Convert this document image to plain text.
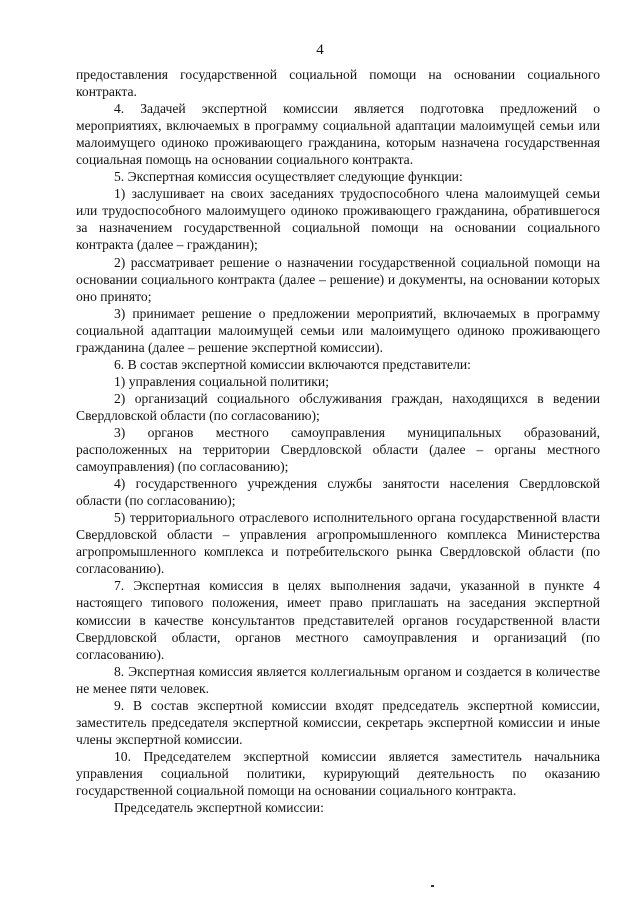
4

предоставления государственной социальной помощи на основании социального контракта.

4. Задачей экспертной комиссии является подготовка предложений о мероприятиях, включаемых в программу социальной адаптации малоимущей семьи или малоимущего одиноко проживающего гражданина, которым назначена государственная социальная помощь на основании социального контракта.

5. Экспертная комиссия осуществляет следующие функции:

1) заслушивает на своих заседаниях трудоспособного члена малоимущей семьи или трудоспособного малоимущего одиноко проживающего гражданина, обратившегося за назначением государственной социальной помощи на основании социального контракта (далее – гражданин);

2) рассматривает решение о назначении государственной социальной помощи на основании социального контракта (далее – решение) и документы, на основании которых оно принято;

3) принимает решение о предложении мероприятий, включаемых в программу социальной адаптации малоимущей семьи или малоимущего одиноко проживающего гражданина (далее – решение экспертной комиссии).

6. В состав экспертной комиссии включаются представители:

1) управления социальной политики;

2) организаций социального обслуживания граждан, находящихся в ведении Свердловской области (по согласованию);

3) органов местного самоуправления муниципальных образований, расположенных на территории Свердловской области (далее – органы местного самоуправления) (по согласованию);

4) государственного учреждения службы занятости населения Свердловской области (по согласованию);

5) территориального отраслевого исполнительного органа государственной власти Свердловской области – управления агропромышленного комплекса Министерства агропромышленного комплекса и потребительского рынка Свердловской области (по согласованию).

7. Экспертная комиссия в целях выполнения задачи, указанной в пункте 4 настоящего типового положения, имеет право приглашать на заседания экспертной комиссии в качестве консультантов представителей органов государственной власти Свердловской области, органов местного самоуправления и организаций (по согласованию).

8. Экспертная комиссия является коллегиальным органом и создается в количестве не менее пяти человек.

9. В состав экспертной комиссии входят председатель экспертной комиссии, заместитель председателя экспертной комиссии, секретарь экспертной комиссии и иные члены экспертной комиссии.

10. Председателем экспертной комиссии является заместитель начальника управления социальной политики, курирующий деятельность по оказанию государственной социальной помощи на основании социального контракта.

Председатель экспертной комиссии:
